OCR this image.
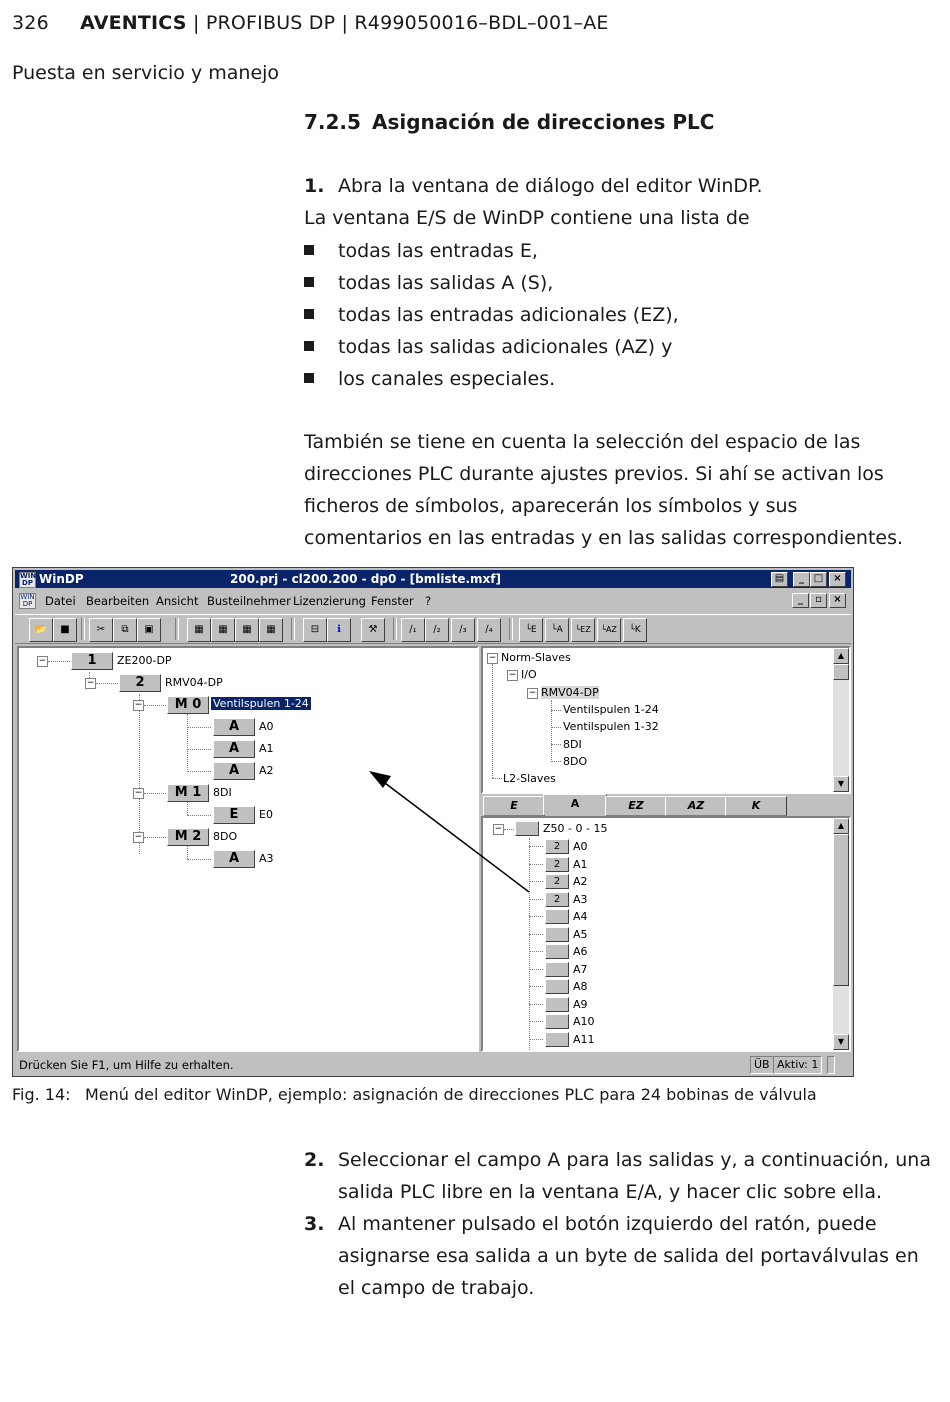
326 AVENTICS | PROFIBUS DP | R499050016–BDL–001–AE
Puesta en servicio y manejo
7.2.5 Asignación de direcciones PLC
1. Abra la ventana de diálogo del editor WinDP.
La ventana E/S de WinDP contiene una lista de
todas las entradas E,
todas las salidas A (S),
todas las entradas adicionales (EZ),
todas las salidas adicionales (AZ) y
los canales especiales.
También se tiene en cuenta la selección del espacio de las
direcciones PLC durante ajustes previos. Si ahí se activan los
ficheros de símbolos, aparecerán los símbolos y sus
comentarios en las entradas y en las salidas correspondientes.
WIN DP WinDP	200.prj - cl200.200 - dp0 - [bmliste.mxf]	▤	_ □	×
WIN DP	Datei Bearbeiten Ansicht Busteilnehmer Lizenzierung Fenster ?	_	▫	×
📂	■	✂	⧉	▣	▦	▦	▦	▦	⊟	ℹ	⚒	∕₁	∕₂	∕₃	∕₄	└E	└A	└EZ	└AZ	└K
−	1	ZE200-DP
−	2	RMV04-DP
−	M 0	Ventilspulen 1-24
A	A0
A	A1
A	A2
−	M 1	8DI
E	E0
−	M 2	8DO
A	A3
− Norm-Slaves
− I/O
− RMV04-DP
Ventilspulen 1-24
Ventilspulen 1-32
8DI
8DO
L2-Slaves
▲
▼
E	A	EZ	AZ	K
−	Z50 - 0 - 15
2	A0
2	A1
2	A2
2	A3
A4
A5
A6
A7
A8
A9
A10
A11
▲
▼
Drücken Sie F1, um Hilfe zu erhalten.	ÜB Aktiv: 1
Fig. 14: Menú del editor WinDP, ejemplo: asignación de direcciones PLC para 24 bobinas de válvula
2. Seleccionar el campo A para las salidas y, a continuación, una
salida PLC libre en la ventana E/A, y hacer clic sobre ella.
3. Al mantener pulsado el botón izquierdo del ratón, puede
asignarse esa salida a un byte de salida del portaválvulas en
el campo de trabajo.
